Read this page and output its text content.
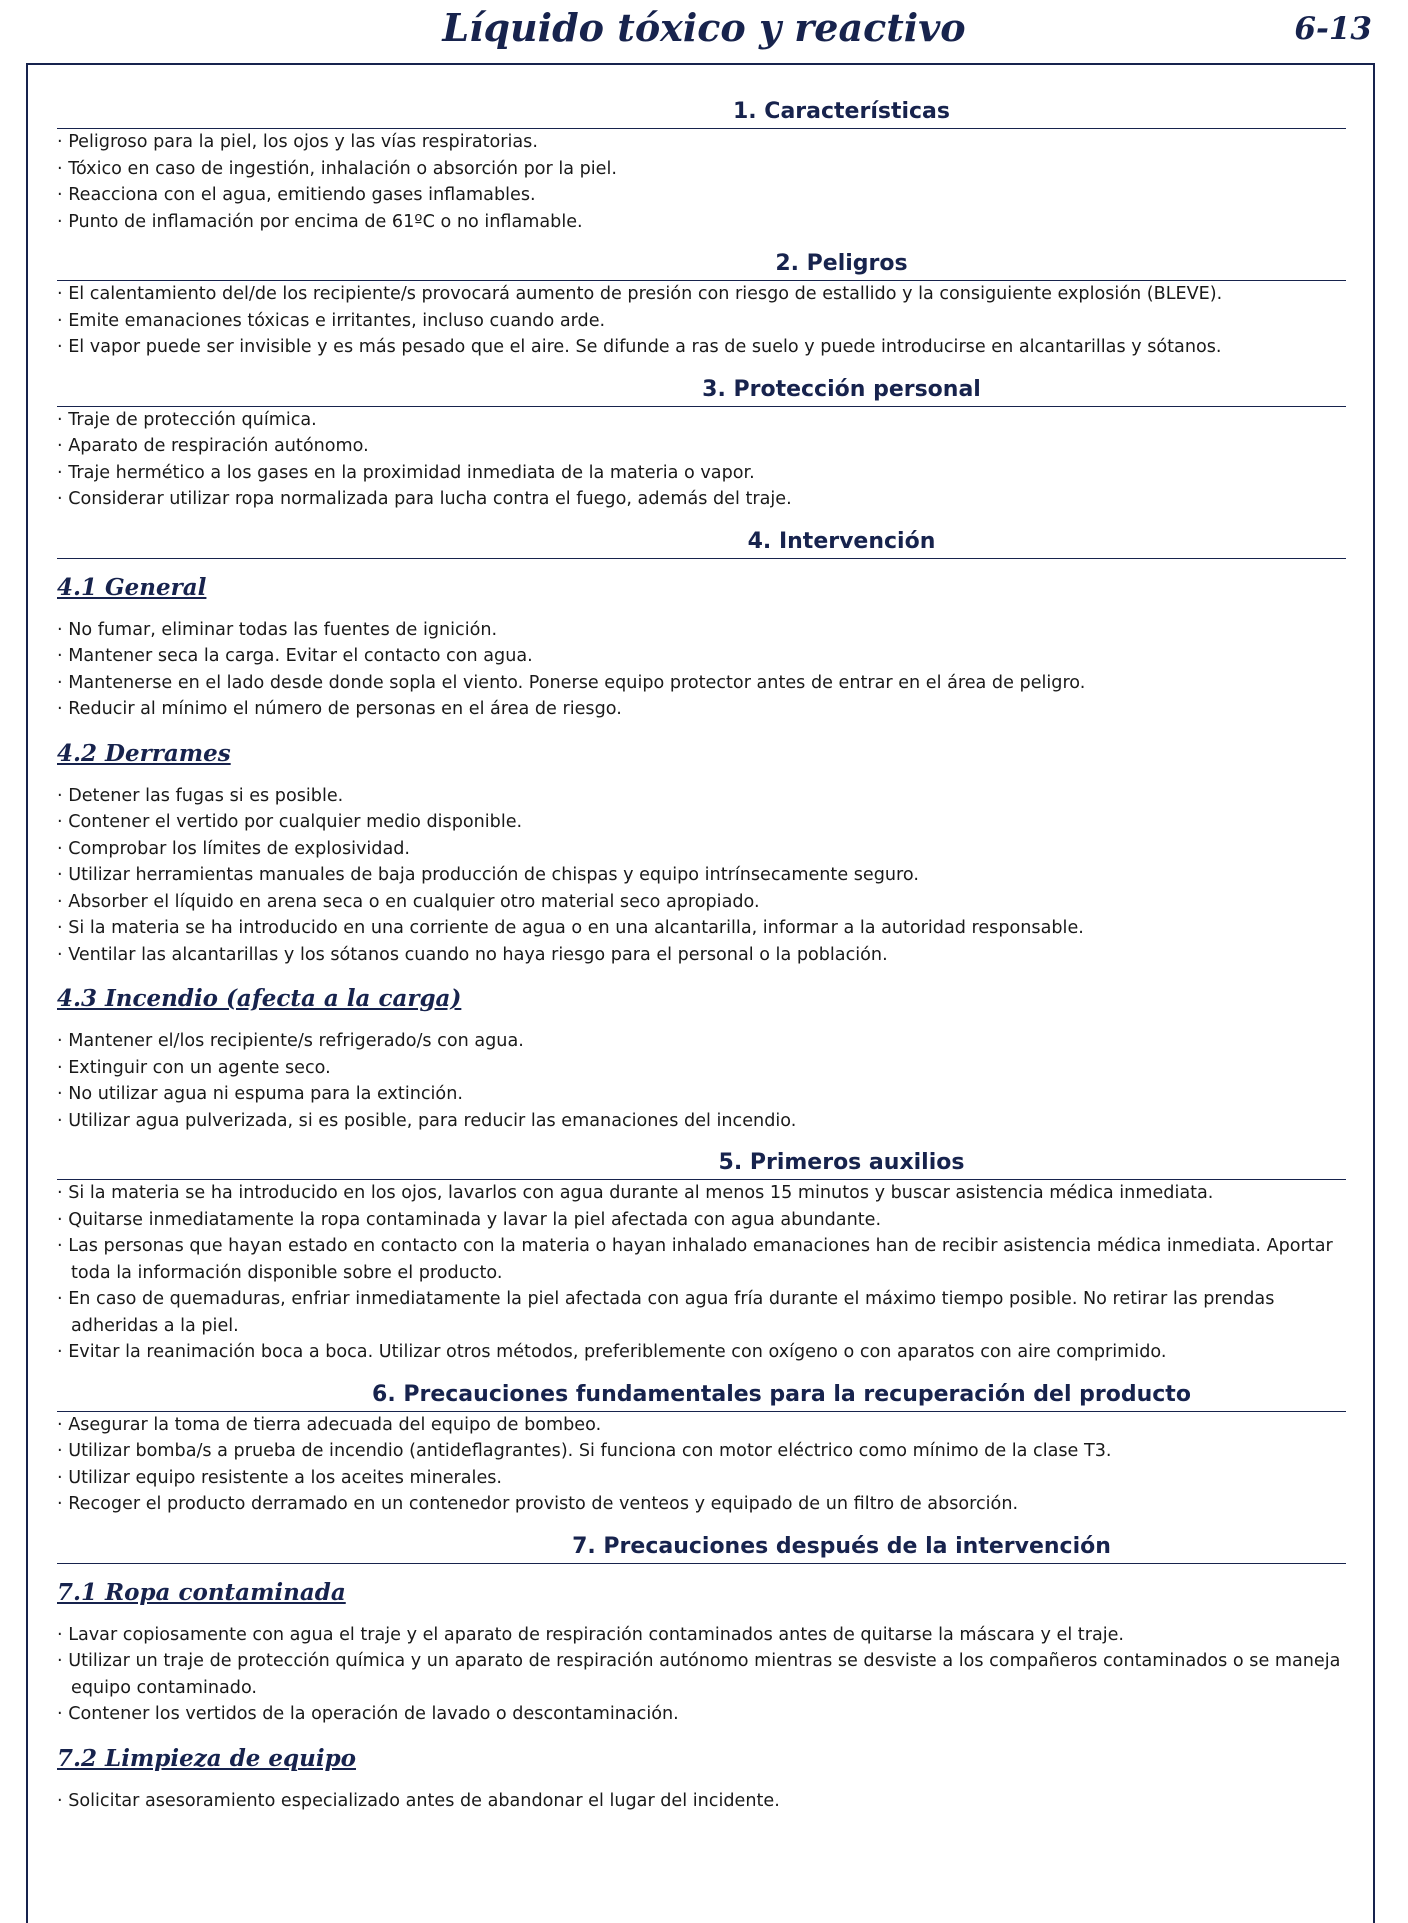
Líquido tóxico y reactivo	6-13
1. Características
· Peligroso para la piel, los ojos y las vías respiratorias.
· Tóxico en caso de ingestión, inhalación o absorción por la piel.
· Reacciona con el agua, emitiendo gases inflamables.
· Punto de inflamación por encima de 61ºC o no inflamable.
2. Peligros
· El calentamiento del/de los recipiente/s provocará aumento de presión con riesgo de estallido y la consiguiente explosión (BLEVE).
· Emite emanaciones tóxicas e irritantes, incluso cuando arde.
· El vapor puede ser invisible y es más pesado que el aire. Se difunde a ras de suelo y puede introducirse en alcantarillas y sótanos.
3. Protección personal
· Traje de protección química.
· Aparato de respiración autónomo.
· Traje hermético a los gases en la proximidad inmediata de la materia o vapor.
· Considerar utilizar ropa normalizada para lucha contra el fuego, además del traje.
4. Intervención
4.1 General
· No fumar, eliminar todas las fuentes de ignición.
· Mantener seca la carga. Evitar el contacto con agua.
· Mantenerse en el lado desde donde sopla el viento. Ponerse equipo protector antes de entrar en el área de peligro.
· Reducir al mínimo el número de personas en el área de riesgo.
4.2 Derrames
· Detener las fugas si es posible.
· Contener el vertido por cualquier medio disponible.
· Comprobar los límites de explosividad.
· Utilizar herramientas manuales de baja producción de chispas y equipo intrínsecamente seguro.
· Absorber el líquido en arena seca o en cualquier otro material seco apropiado.
· Si la materia se ha introducido en una corriente de agua o en una alcantarilla, informar a la autoridad responsable.
· Ventilar las alcantarillas y los sótanos cuando no haya riesgo para el personal o la población.
4.3 Incendio (afecta a la carga)
· Mantener el/los recipiente/s refrigerado/s con agua.
· Extinguir con un agente seco.
· No utilizar agua ni espuma para la extinción.
· Utilizar agua pulverizada, si es posible, para reducir las emanaciones del incendio.
5. Primeros auxilios
· Si la materia se ha introducido en los ojos, lavarlos con agua durante al menos 15 minutos y buscar asistencia médica inmediata.
· Quitarse inmediatamente la ropa contaminada y lavar la piel afectada con agua abundante.
· Las personas que hayan estado en contacto con la materia o hayan inhalado emanaciones han de recibir asistencia médica inmediata. Aportar toda la información disponible sobre el producto.
· En caso de quemaduras, enfriar inmediatamente la piel afectada con agua fría durante el máximo tiempo posible. No retirar las prendas adheridas a la piel.
· Evitar la reanimación boca a boca. Utilizar otros métodos, preferiblemente con oxígeno o con aparatos con aire comprimido.
6. Precauciones fundamentales para la recuperación del producto
· Asegurar la toma de tierra adecuada del equipo de bombeo.
· Utilizar bomba/s a prueba de incendio (antideflagrantes). Si funciona con motor eléctrico como mínimo de la clase T3.
· Utilizar equipo resistente a los aceites minerales.
· Recoger el producto derramado en un contenedor provisto de venteos y equipado de un filtro de absorción.
7. Precauciones después de la intervención
7.1 Ropa contaminada
· Lavar copiosamente con agua el traje y el aparato de respiración contaminados antes de quitarse la máscara y el traje.
· Utilizar un traje de protección química y un aparato de respiración autónomo mientras se desviste a los compañeros contaminados o se maneja equipo contaminado.
· Contener los vertidos de la operación de lavado o descontaminación.
7.2 Limpieza de equipo
· Solicitar asesoramiento especializado antes de abandonar el lugar del incidente.
